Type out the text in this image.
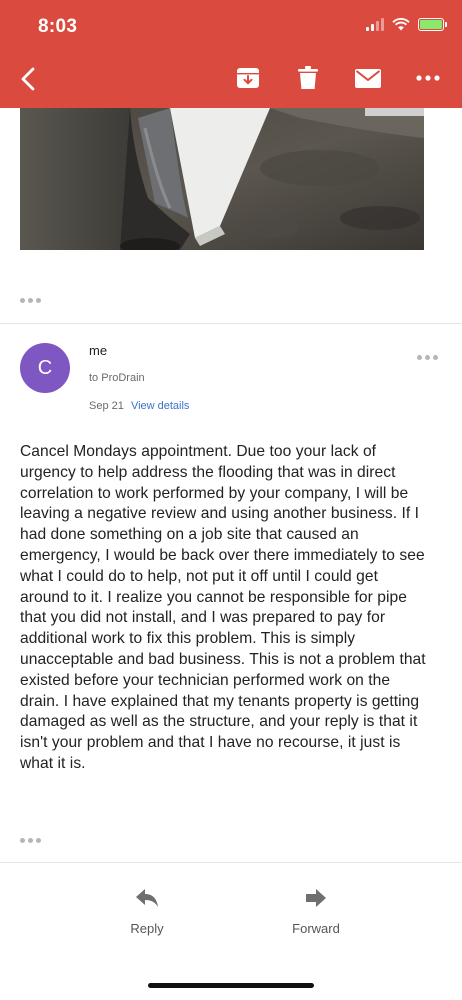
8:03
C
me
to ProDrain
Sep 21 View details
Cancel Mondays appointment. Due too your lack of urgency to help address the flooding that was in direct correlation to work performed by your company, I will be leaving a negative review and using another business. If I had done something on a job site that caused an emergency, I would be back over there immediately to see what I could do to help, not put it off until I could get around to it. I realize you cannot be responsible for pipe that you did not install, and I was prepared to pay for additional work to fix this problem. This is simply unacceptable and bad business. This is not a problem that existed before your technician performed work on the drain. I have explained that my tenants property is getting damaged as well as the structure, and your reply is that it isn't your problem and that I have no recourse, it just is what it is.
Reply	Forward
